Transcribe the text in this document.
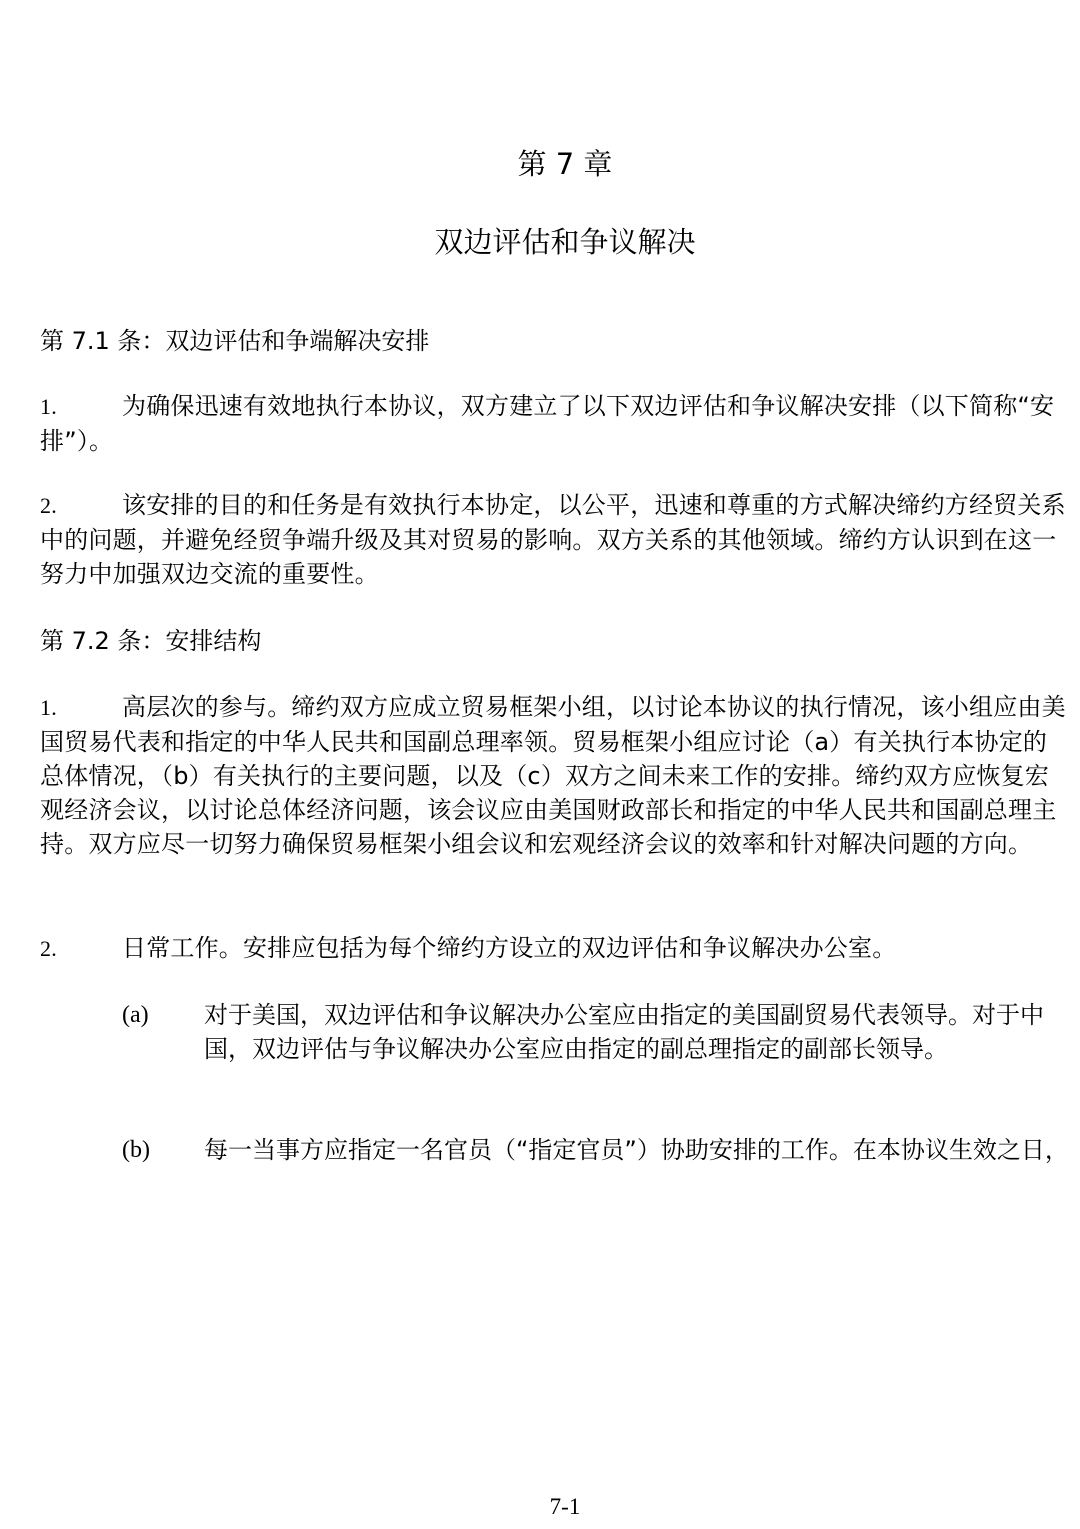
第 7 章
双边评估和争议解决
第 7.1 条：双边评估和争端解决安排
1.	为确保迅速有效地执行本协议，双方建立了以下双边评估和争议解决安排（以下简称“安排”）。
2.	该安排的目的和任务是有效执行本协定，以公平，迅速和尊重的方式解决缔约方经贸关系中的问题，并避免经贸争端升级及其对贸易的影响。双方关系的其他领域。缔约方认识到在这一努力中加强双边交流的重要性。
第 7.2 条：安排结构
1.	高层次的参与。缔约双方应成立贸易框架小组，以讨论本协议的执行情况，该小组应由美国贸易代表和指定的中华人民共和国副总理率领。贸易框架小组应讨论（a）有关执行本协定的总体情况，（b）有关执行的主要问题，以及（c）双方之间未来工作的安排。缔约双方应恢复宏观经济会议，以讨论总体经济问题，该会议应由美国财政部长和指定的中华人民共和国副总理主持。双方应尽一切努力确保贸易框架小组会议和宏观经济会议的效率和针对解决问题的方向。
2.	日常工作。安排应包括为每个缔约方设立的双边评估和争议解决办公室。
(a) 对于美国，双边评估和争议解决办公室应由指定的美国副贸易代表领导。对于中国，双边评估与争议解决办公室应由指定的副总理指定的副部长领导。
(b) 每一当事方应指定一名官员（“指定官员”）协助安排的工作。在本协议生效之日，
7-1
